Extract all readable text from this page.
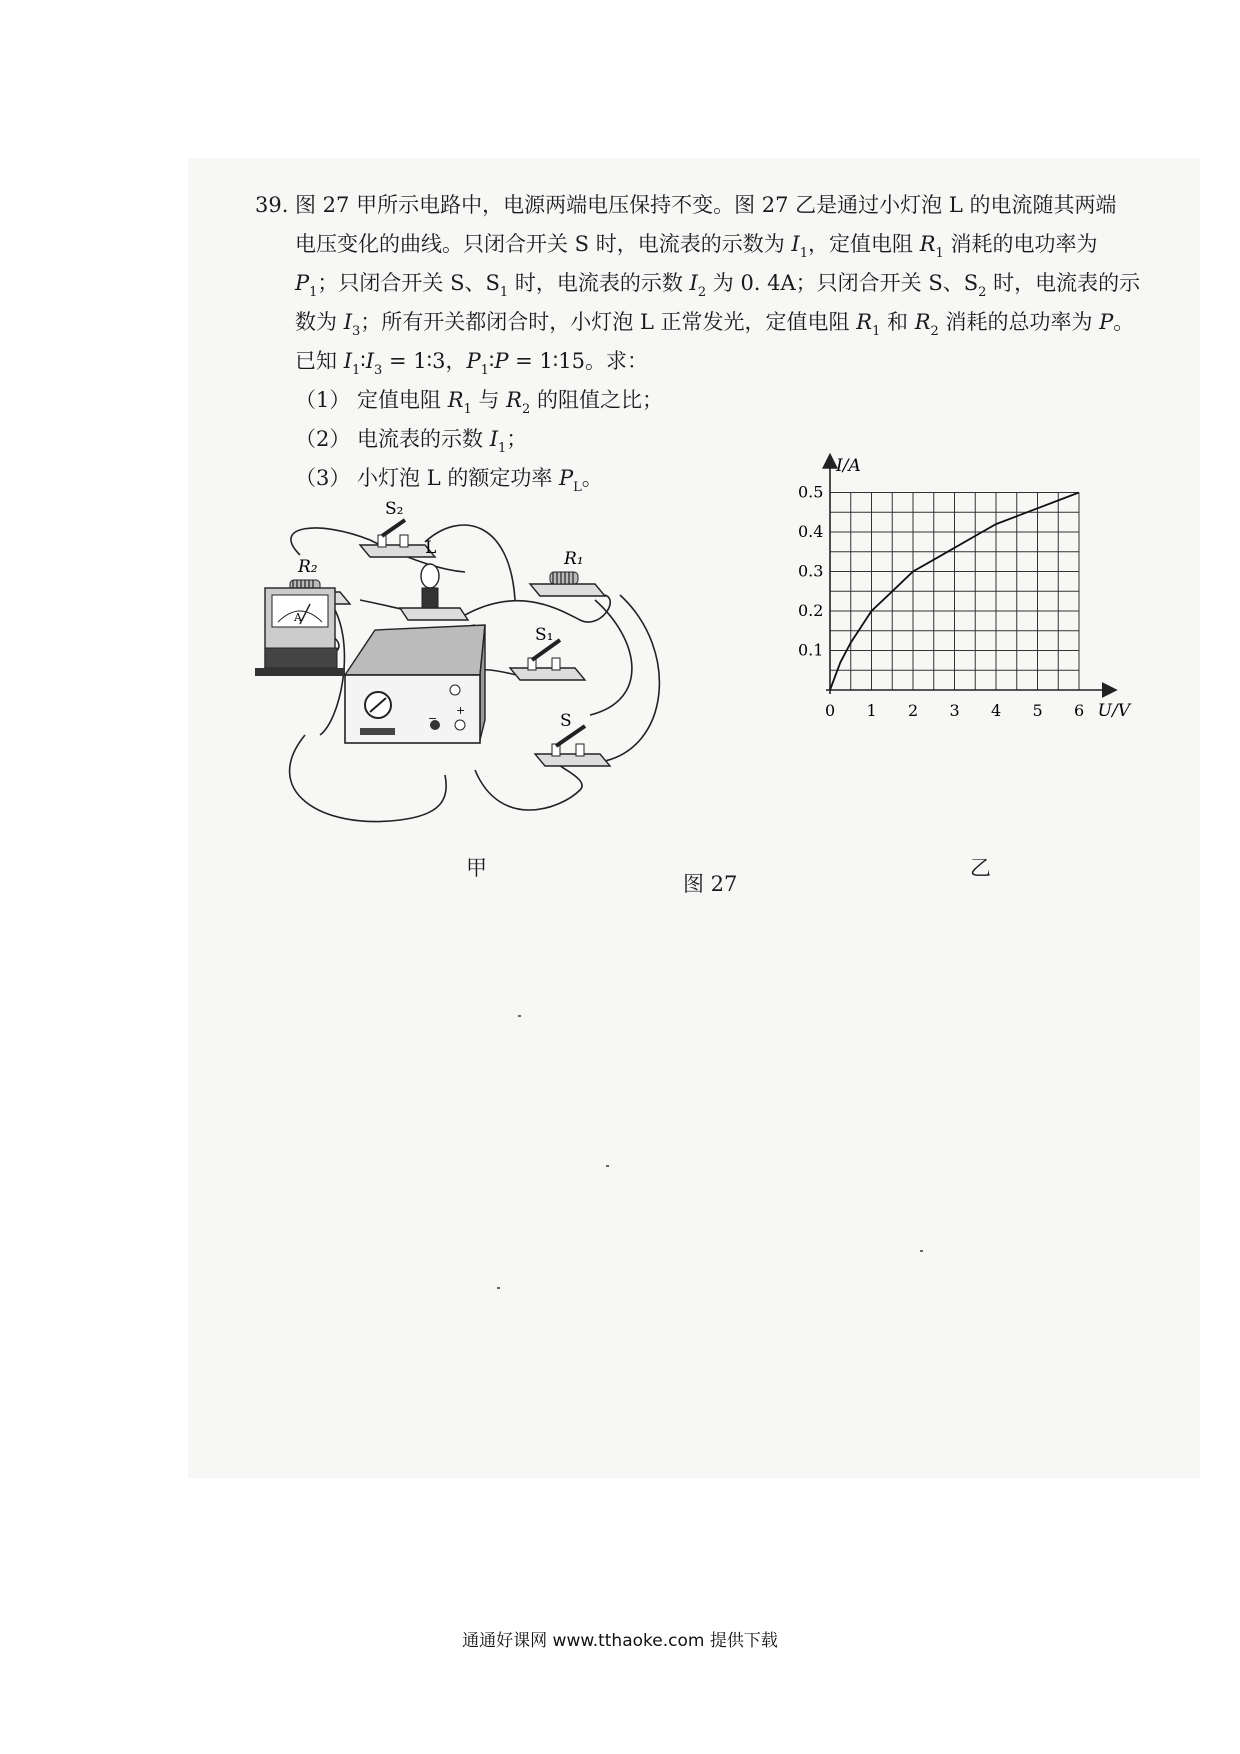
39. 图 27 甲所示电路中，电源两端电压保持不变。图 27 乙是通过小灯泡 L 的电流随其两端
电压变化的曲线。只闭合开关 S 时，电流表的示数为 $I_1$，定值电阻 $R_1$ 消耗的电功率为
$P_1$；只闭合开关 S、$S_1$ 时，电流表的示数 $I_2$ 为 0. 4A；只闭合开关 S、$S_2$ 时，电流表的示
数为 $I_3$；所有开关都闭合时，小灯泡 L 正常发光，定值电阻 $R_1$ 和 $R_2$ 消耗的总功率为 P。
已知 $I_1∶I_3$ = 1∶3，$P_1∶P$ = 1∶15。求：
（1） 定值电阻 $R_1$ 与 $R_2$ 的阻值之比；
（2） 电流表的示数 $I_1$；
（3） 小灯泡 L 的额定功率 $P_L$。
S₂
R₂
L
R₁
S₁
S
A
−
+	0 1 2 3 4 5 6
0.1
0.2
0.3
0.4
0.5
I/A
U/V
甲	乙
图 27
通通好课网 www.tthaoke.com 提供下载
